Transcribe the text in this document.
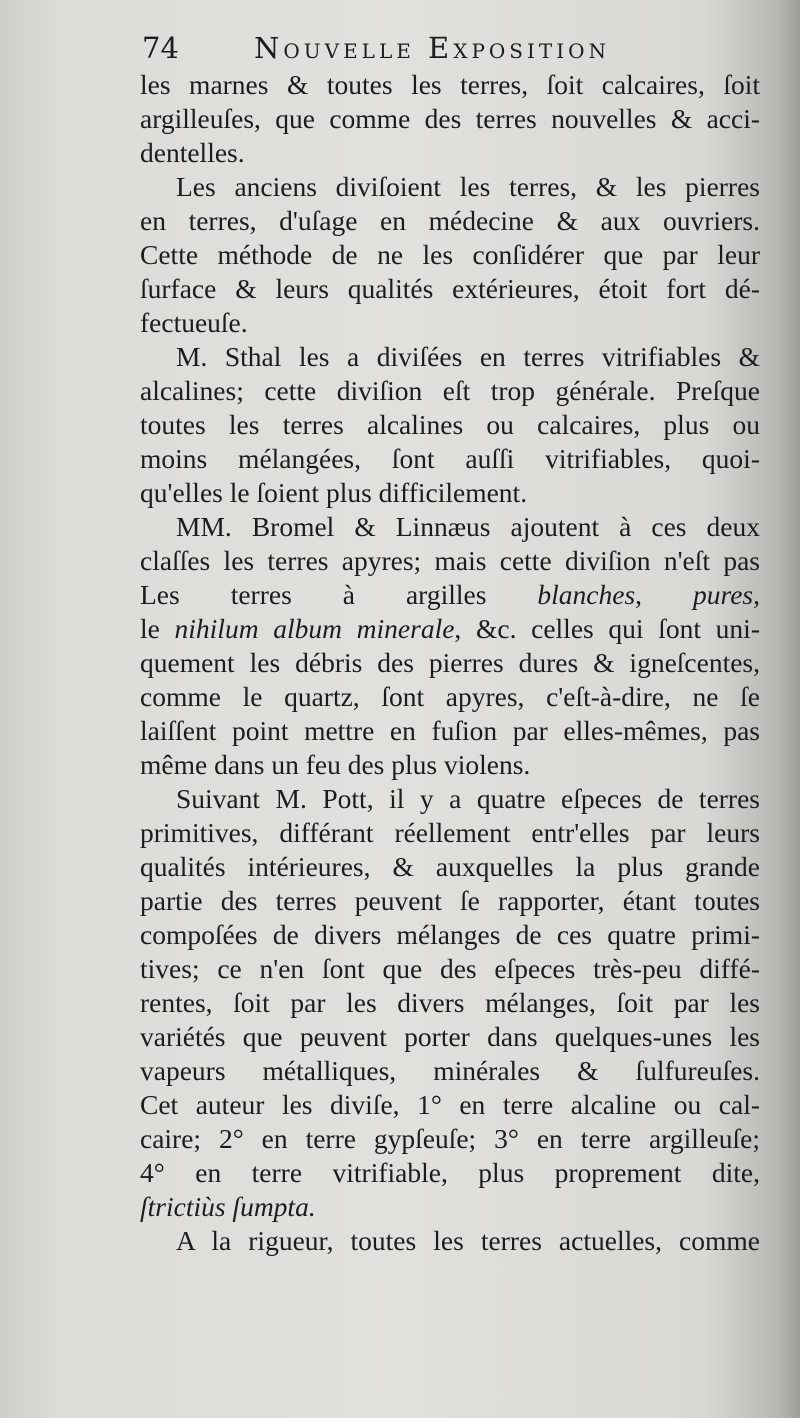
74	Nouvelle Exposition
les marnes & toutes les terres, ſoit calcaires, ſoit
argilleuſes, que comme des terres nouvelles & acci-
dentelles.
Les anciens diviſoient les terres, & les pierres
en terres, d'uſage en médecine & aux ouvriers.
Cette méthode de ne les conſidérer que par leur
ſurface & leurs qualités extérieures, étoit fort dé-
fectueuſe.
M. Sthal les a diviſées en terres vitrifiables &
alcalines; cette diviſion eſt trop générale. Preſque
toutes les terres alcalines ou calcaires, plus ou
moins mélangées, ſont auſſi vitrifiables, quoi-
qu'elles le ſoient plus difficilement.
MM. Bromel & Linnæus ajoutent à ces deux
claſſes les terres apyres; mais cette diviſion n'eſt pas
Les terres à argilles blanches, pures,
le nihilum album minerale, &c. celles qui ſont uni-
quement les débris des pierres dures & igneſcentes,
comme le quartz, ſont apyres, c'eſt-à-dire, ne ſe
laiſſent point mettre en fuſion par elles-mêmes, pas
même dans un feu des plus violens.
Suivant M. Pott, il y a quatre eſpeces de terres
primitives, différant réellement entr'elles par leurs
qualités intérieures, & auxquelles la plus grande
partie des terres peuvent ſe rapporter, étant toutes
compoſées de divers mélanges de ces quatre primi-
tives; ce n'en ſont que des eſpeces très-peu diffé-
rentes, ſoit par les divers mélanges, ſoit par les
variétés que peuvent porter dans quelques-unes les
vapeurs métalliques, minérales & ſulfureuſes.
Cet auteur les diviſe, 1° en terre alcaline ou cal-
caire; 2° en terre gypſeuſe; 3° en terre argilleuſe;
4° en terre vitrifiable, plus proprement dite,
ſtrictiùs ſumpta.
A la rigueur, toutes les terres actuelles, comme
